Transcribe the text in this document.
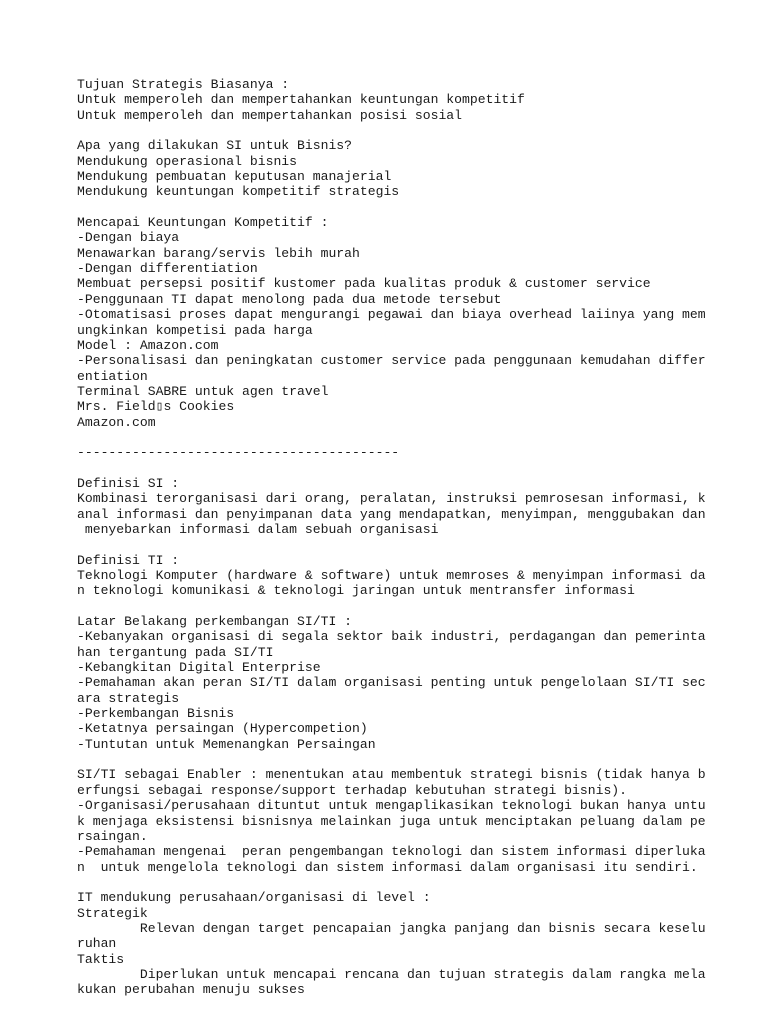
Tujuan Strategis Biasanya :
Untuk memperoleh dan mempertahankan keuntungan kompetitif
Untuk memperoleh dan mempertahankan posisi sosial
Apa yang dilakukan SI untuk Bisnis?
Mendukung operasional bisnis
Mendukung pembuatan keputusan manajerial
Mendukung keuntungan kompetitif strategis
Mencapai Keuntungan Kompetitif :
-Dengan biaya
Menawarkan barang/servis lebih murah
-Dengan differentiation
Membuat persepsi positif kustomer pada kualitas produk & customer service
-Penggunaan TI dapat menolong pada dua metode tersebut
-Otomatisasi proses dapat mengurangi pegawai dan biaya overhead laiinya yang mem
ungkinkan kompetisi pada harga
Model : Amazon.com
-Personalisasi dan peningkatan customer service pada penggunaan kemudahan differ
entiation
Terminal SABRE untuk agen travel
Mrs. Field▯s Cookies
Amazon.com
-----------------------------------------
Definisi SI :
Kombinasi terorganisasi dari orang, peralatan, instruksi pemrosesan informasi, k
anal informasi dan penyimpanan data yang mendapatkan, menyimpan, menggubakan dan
menyebarkan informasi dalam sebuah organisasi
Definisi TI :
Teknologi Komputer (hardware & software) untuk memroses & menyimpan informasi da
n teknologi komunikasi & teknologi jaringan untuk mentransfer informasi
Latar Belakang perkembangan SI/TI :
-Kebanyakan organisasi di segala sektor baik industri, perdagangan dan pemerinta
han tergantung pada SI/TI
-Kebangkitan Digital Enterprise
-Pemahaman akan peran SI/TI dalam organisasi penting untuk pengelolaan SI/TI sec
ara strategis
-Perkembangan Bisnis
-Ketatnya persaingan (Hypercompetion)
-Tuntutan untuk Memenangkan Persaingan
SI/TI sebagai Enabler : menentukan atau membentuk strategi bisnis (tidak hanya b
erfungsi sebagai response/support terhadap kebutuhan strategi bisnis).
-Organisasi/perusahaan dituntut untuk mengaplikasikan teknologi bukan hanya untu
k menjaga eksistensi bisnisnya melainkan juga untuk menciptakan peluang dalam pe
rsaingan.
-Pemahaman mengenai  peran pengembangan teknologi dan sistem informasi diperluka
n  untuk mengelola teknologi dan sistem informasi dalam organisasi itu sendiri.
IT mendukung perusahaan/organisasi di level :
Strategik
Relevan dengan target pencapaian jangka panjang dan bisnis secara keselu
ruhan
Taktis
Diperlukan untuk mencapai rencana dan tujuan strategis dalam rangka mela
kukan perubahan menuju sukses
